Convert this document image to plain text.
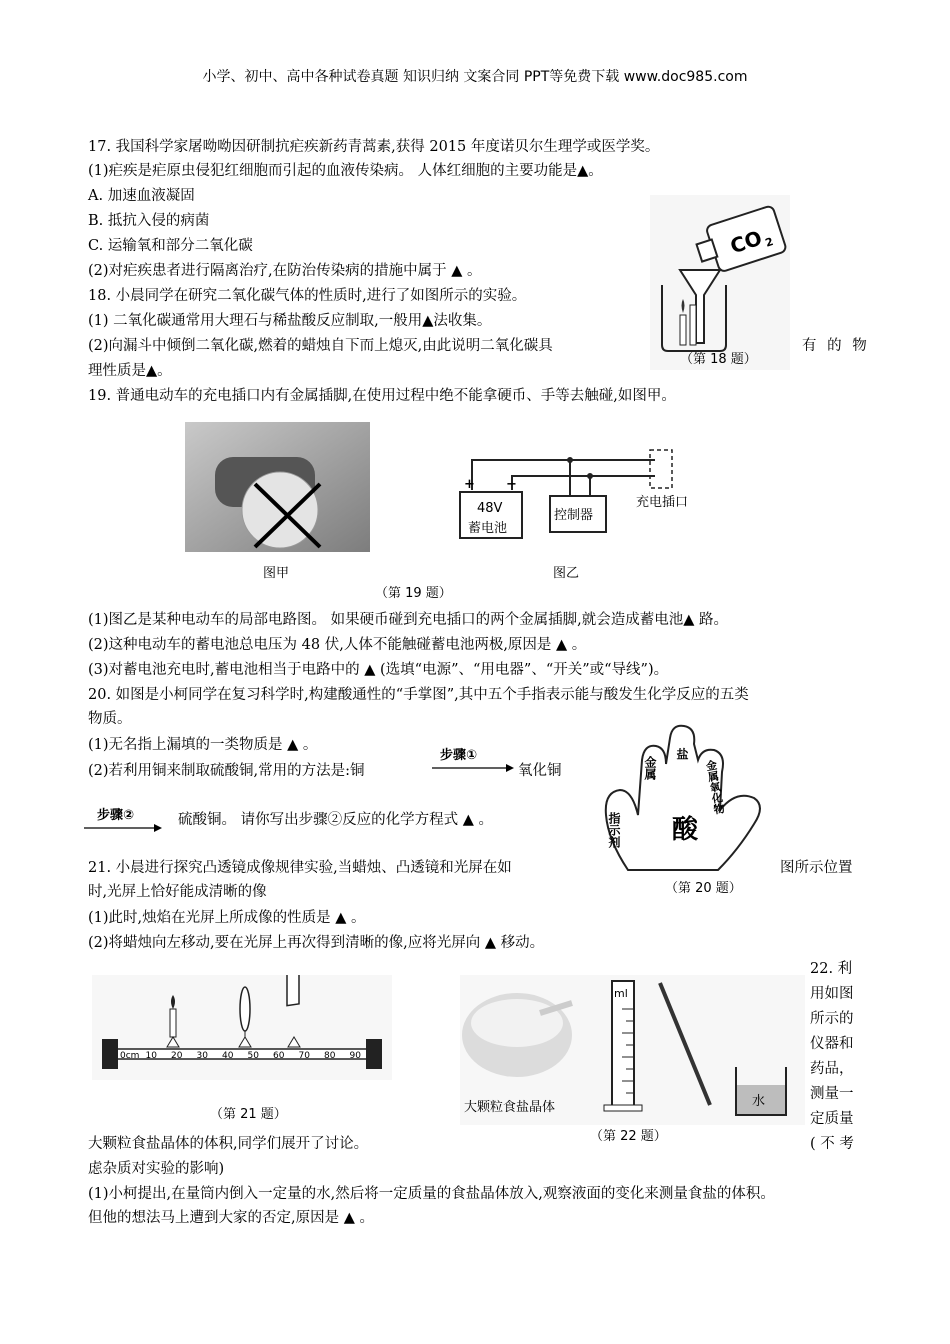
小学、初中、高中各种试卷真题 知识归纳 文案合同 PPT等免费下载 www.doc985.com
17. 我国科学家屠呦呦因研制抗疟疾新药青蒿素,获得 2015 年度诺贝尔生理学或医学奖。
(1)疟疾是疟原虫侵犯红细胞而引起的血液传染病。 人体红细胞的主要功能是▲。
A. 加速血液凝固
B. 抵抗入侵的病菌
C. 运输氧和部分二氧化碳
(2)对疟疾患者进行隔离治疗,在防治传染病的措施中属于 ▲ 。
18. 小晨同学在研究二氧化碳气体的性质时,进行了如图所示的实验。
(1) 二氧化碳通常用大理石与稀盐酸反应制取,一般用▲法收集。
(2)向漏斗中倾倒二氧化碳,燃着的蜡烛自下而上熄灭,由此说明二氧化碳具	有 的 物
理性质是▲。
CO
2
（第 18 题）
19. 普通电动车的充电插口内有金属插脚,在使用过程中绝不能拿硬币、手等去触碰,如图甲。
图甲
48V
蓄电池
+ −
控制器
充电插口
图乙
（第 19 题）
(1)图乙是某种电动车的局部电路图。 如果硬币碰到充电插口的两个金属插脚,就会造成蓄电池▲ 路。
(2)这种电动车的蓄电池总电压为 48 伏,人体不能触碰蓄电池两极,原因是 ▲ 。
(3)对蓄电池充电时,蓄电池相当于电路中的 ▲ (选填“电源”、“用电器”、“开关”或“导线”)。
20. 如图是小柯同学在复习科学时,构建酸通性的“手掌图”,其中五个手指表示能与酸发生化学反应的五类
物质。
(1)无名指上漏填的一类物质是 ▲ 。
(2)若利用铜来制取硫酸铜,常用的方法是:铜
步骤①
氧化铜
步骤②	硫酸铜。 请你写出步骤②反应的化学方程式 ▲ 。	酸
指示剂
金属
盐
金属氧化物
（第 20 题）
21. 小晨进行探究凸透镜成像规律实验,当蜡烛、凸透镜和光屏在如	图所示位置
时,光屏上恰好能成清晰的像
(1)此时,烛焰在光屏上所成像的性质是 ▲ 。
(2)将蜡烛向左移动,要在光屏上再次得到清晰的像,应将光屏向 ▲ 移动。
0cm 10 20 30 40 50 60 70 80 90
（第 21 题）	大颗粒食盐晶体
ml
水
（第 22 题）
22. 利
用如图
所示的
仪器和
药品，
测量一
定质量
( 不 考
大颗粒食盐晶体的体积,同学们展开了讨论。
虑杂质对实验的影响)
(1)小柯提出,在量筒内倒入一定量的水,然后将一定质量的食盐晶体放入,观察液面的变化来测量食盐的体积。
但他的想法马上遭到大家的否定,原因是 ▲ 。
